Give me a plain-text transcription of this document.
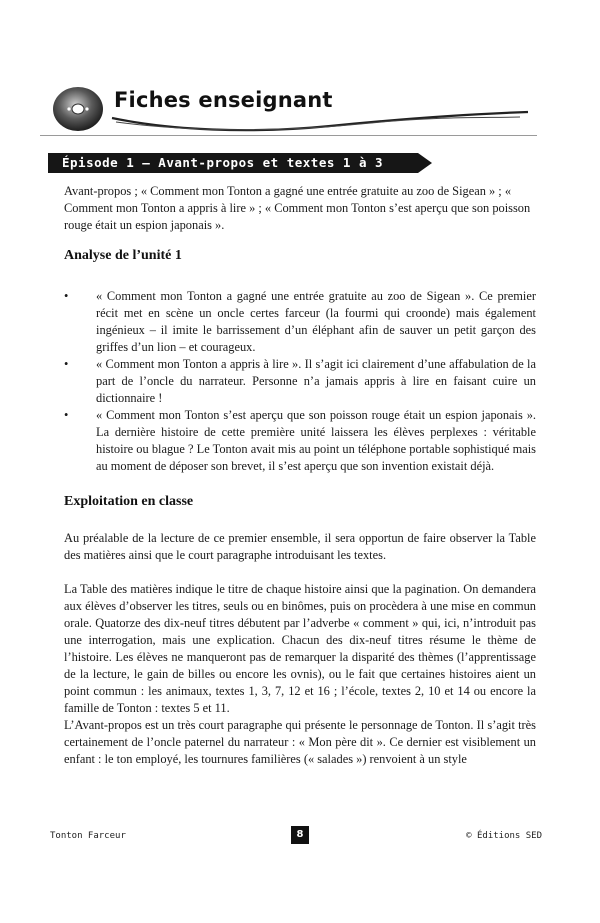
Fiches enseignant
Épisode 1 — Avant-propos et textes 1 à 3

Avant-propos ; « Comment mon Tonton a gagné une entrée gratuite au zoo de Sigean » ; « Comment mon Tonton a appris à lire » ; « Comment mon Tonton s’est aperçu que son poisson rouge était un espion japonais ».

Analyse de l’unité 1
• « Comment mon Tonton a gagné une entrée gratuite au zoo de Sigean ». Ce premier récit met en scène un oncle certes farceur (la fourmi qui croonde) mais également ingénieux – il imite le barrissement d’un éléphant afin de sauver un petit garçon des griffes d’un lion – et courageux.
• « Comment mon Tonton a appris à lire ». Il s’agit ici clairement d’une affabulation de la part de l’oncle du narrateur. Personne n’a jamais appris à lire en faisant cuire un dictionnaire !
• « Comment mon Tonton s’est aperçu que son poisson rouge était un espion japonais ». La dernière histoire de cette première unité laissera les élèves perplexes : véritable histoire ou blague ? Le Tonton avait mis au point un téléphone portable sophistiqué mais au moment de déposer son brevet, il s’est aperçu que son invention existait déjà.
Exploitation en classe

Au préalable de la lecture de ce premier ensemble, il sera opportun de faire observer la Table des matières ainsi que le court paragraphe introduisant les textes.

La Table des matières indique le titre de chaque histoire ainsi que la pagination. On demandera aux élèves d’observer les titres, seuls ou en binômes, puis on procèdera à une mise en commun orale. Quatorze des dix-neuf titres débutent par l’adverbe « comment » qui, ici, n’introduit pas une interrogation, mais une explication. Chacun des dix-neuf titres résume le thème de l’histoire. Les élèves ne manqueront pas de remarquer la disparité des thèmes (l’apprentissage de la lecture, le gain de billes ou encore les ovnis), ou le fait que certaines histoires aient un point commun : les animaux, textes 1, 3, 7, 12 et 16 ; l’école, textes 2, 10 et 14 ou encore la famille de Tonton : textes 5 et 11.

L’Avant-propos est un très court paragraphe qui présente le personnage de Tonton. Il s’agit très certainement de l’oncle paternel du narrateur : « Mon père dit ». Ce dernier est visiblement un enfant : le ton employé, les tournures familières (« salades ») renvoient à un style

Tonton Farceur	8	© Éditions SED
